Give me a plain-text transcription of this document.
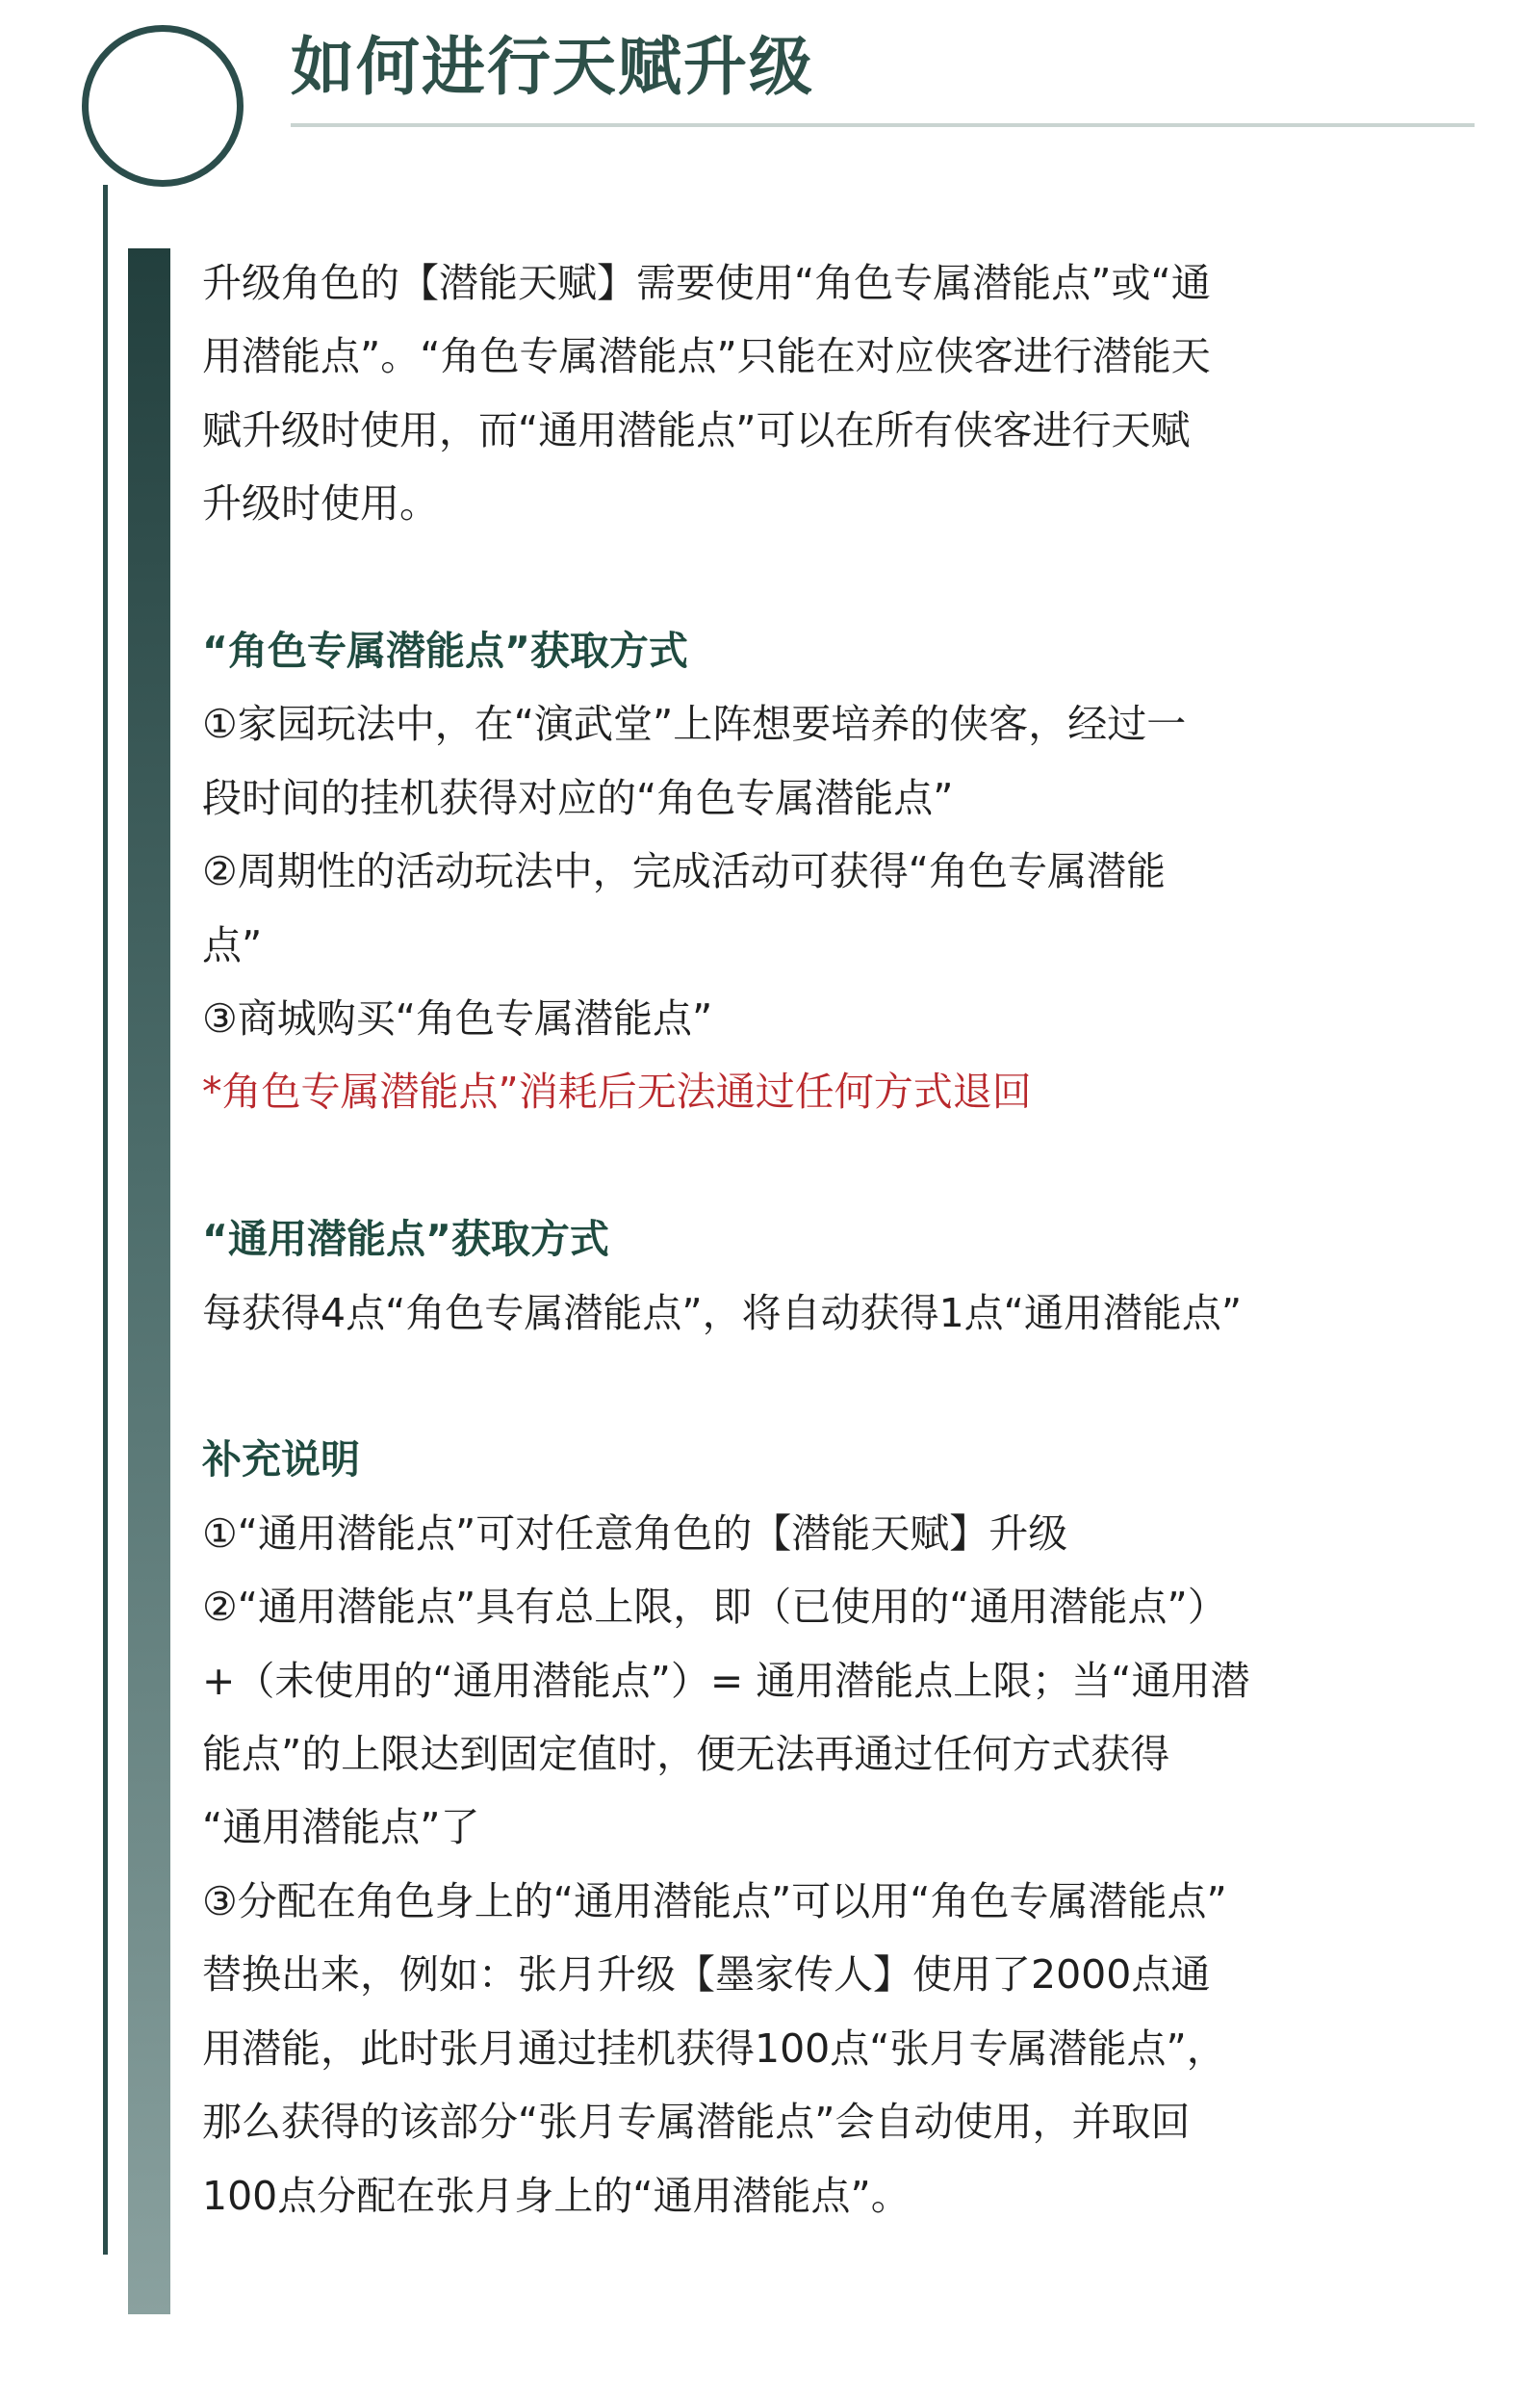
如何进行天赋升级

升级角色的【潜能天赋】需要使用“角色专属潜能点”或“通

用潜能点”。“角色专属潜能点”只能在对应侠客进行潜能天

赋升级时使用，而“通用潜能点”可以在所有侠客进行天赋

升级时使用。

“角色专属潜能点”获取方式

①家园玩法中，在“演武堂”上阵想要培养的侠客，经过一

段时间的挂机获得对应的“角色专属潜能点”

②周期性的活动玩法中，完成活动可获得“角色专属潜能

点”

③商城购买“角色专属潜能点”

*角色专属潜能点”消耗后无法通过任何方式退回

“通用潜能点”获取方式

每获得4点“角色专属潜能点”，将自动获得1点“通用潜能点”

补充说明

①“通用潜能点”可对任意角色的【潜能天赋】升级

②“通用潜能点”具有总上限，即（已使用的“通用潜能点”）

+（未使用的“通用潜能点”）= 通用潜能点上限；当“通用潜

能点”的上限达到固定值时，便无法再通过任何方式获得

“通用潜能点”了

③分配在角色身上的“通用潜能点”可以用“角色专属潜能点”

替换出来，例如：张月升级【墨家传人】使用了2000点通

用潜能，此时张月通过挂机获得100点“张月专属潜能点”，

那么获得的该部分“张月专属潜能点”会自动使用，并取回

100点分配在张月身上的“通用潜能点”。
